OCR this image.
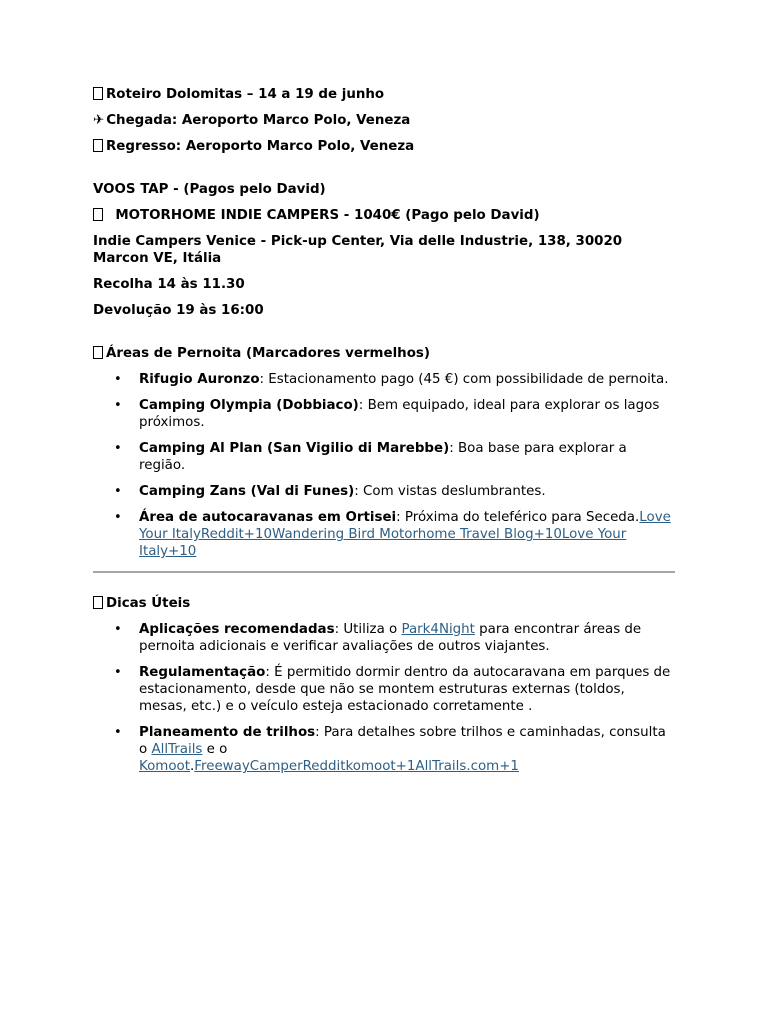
Roteiro Dolomitas – 14 a 19 de junho

✈ Chegada: Aeroporto Marco Polo, Veneza

Regresso: Aeroporto Marco Polo, Veneza

VOOS TAP - (Pagos pelo David)

MOTORHOME INDIE CAMPERS - 1040€ (Pago pelo David)

Indie Campers Venice - Pick-up Center, Via delle Industrie, 138, 30020 Marcon VE, Itália

Recolha 14 às 11.30

Devolução 19 às 16:00

Áreas de Pernoita (Marcadores vermelhos)

• Rifugio Auronzo: Estacionamento pago (45 €) com possibilidade de pernoita.
• Camping Olympia (Dobbiaco): Bem equipado, ideal para explorar os lagos próximos.
• Camping Al Plan (San Vigilio di Marebbe): Boa base para explorar a região.
• Camping Zans (Val di Funes): Com vistas deslumbrantes.
• Área de autocaravanas em Ortisei: Próxima do teleférico para Seceda.Love Your ItalyReddit+10Wandering Bird Motorhome Travel Blog+10Love Your Italy+10

Dicas Úteis

• Aplicações recomendadas: Utiliza o Park4Night para encontrar áreas de pernoita adicionais e verificar avaliações de outros viajantes.
• Regulamentação: É permitido dormir dentro da autocaravana em parques de estacionamento, desde que não se montem estruturas externas (toldos, mesas, etc.) e o veículo esteja estacionado corretamente .
• Planeamento de trilhos: Para detalhes sobre trilhos e caminhadas, consulta o AllTrails e o
Komoot.FreewayCamperRedditkomoot+1AllTrails.com+1
